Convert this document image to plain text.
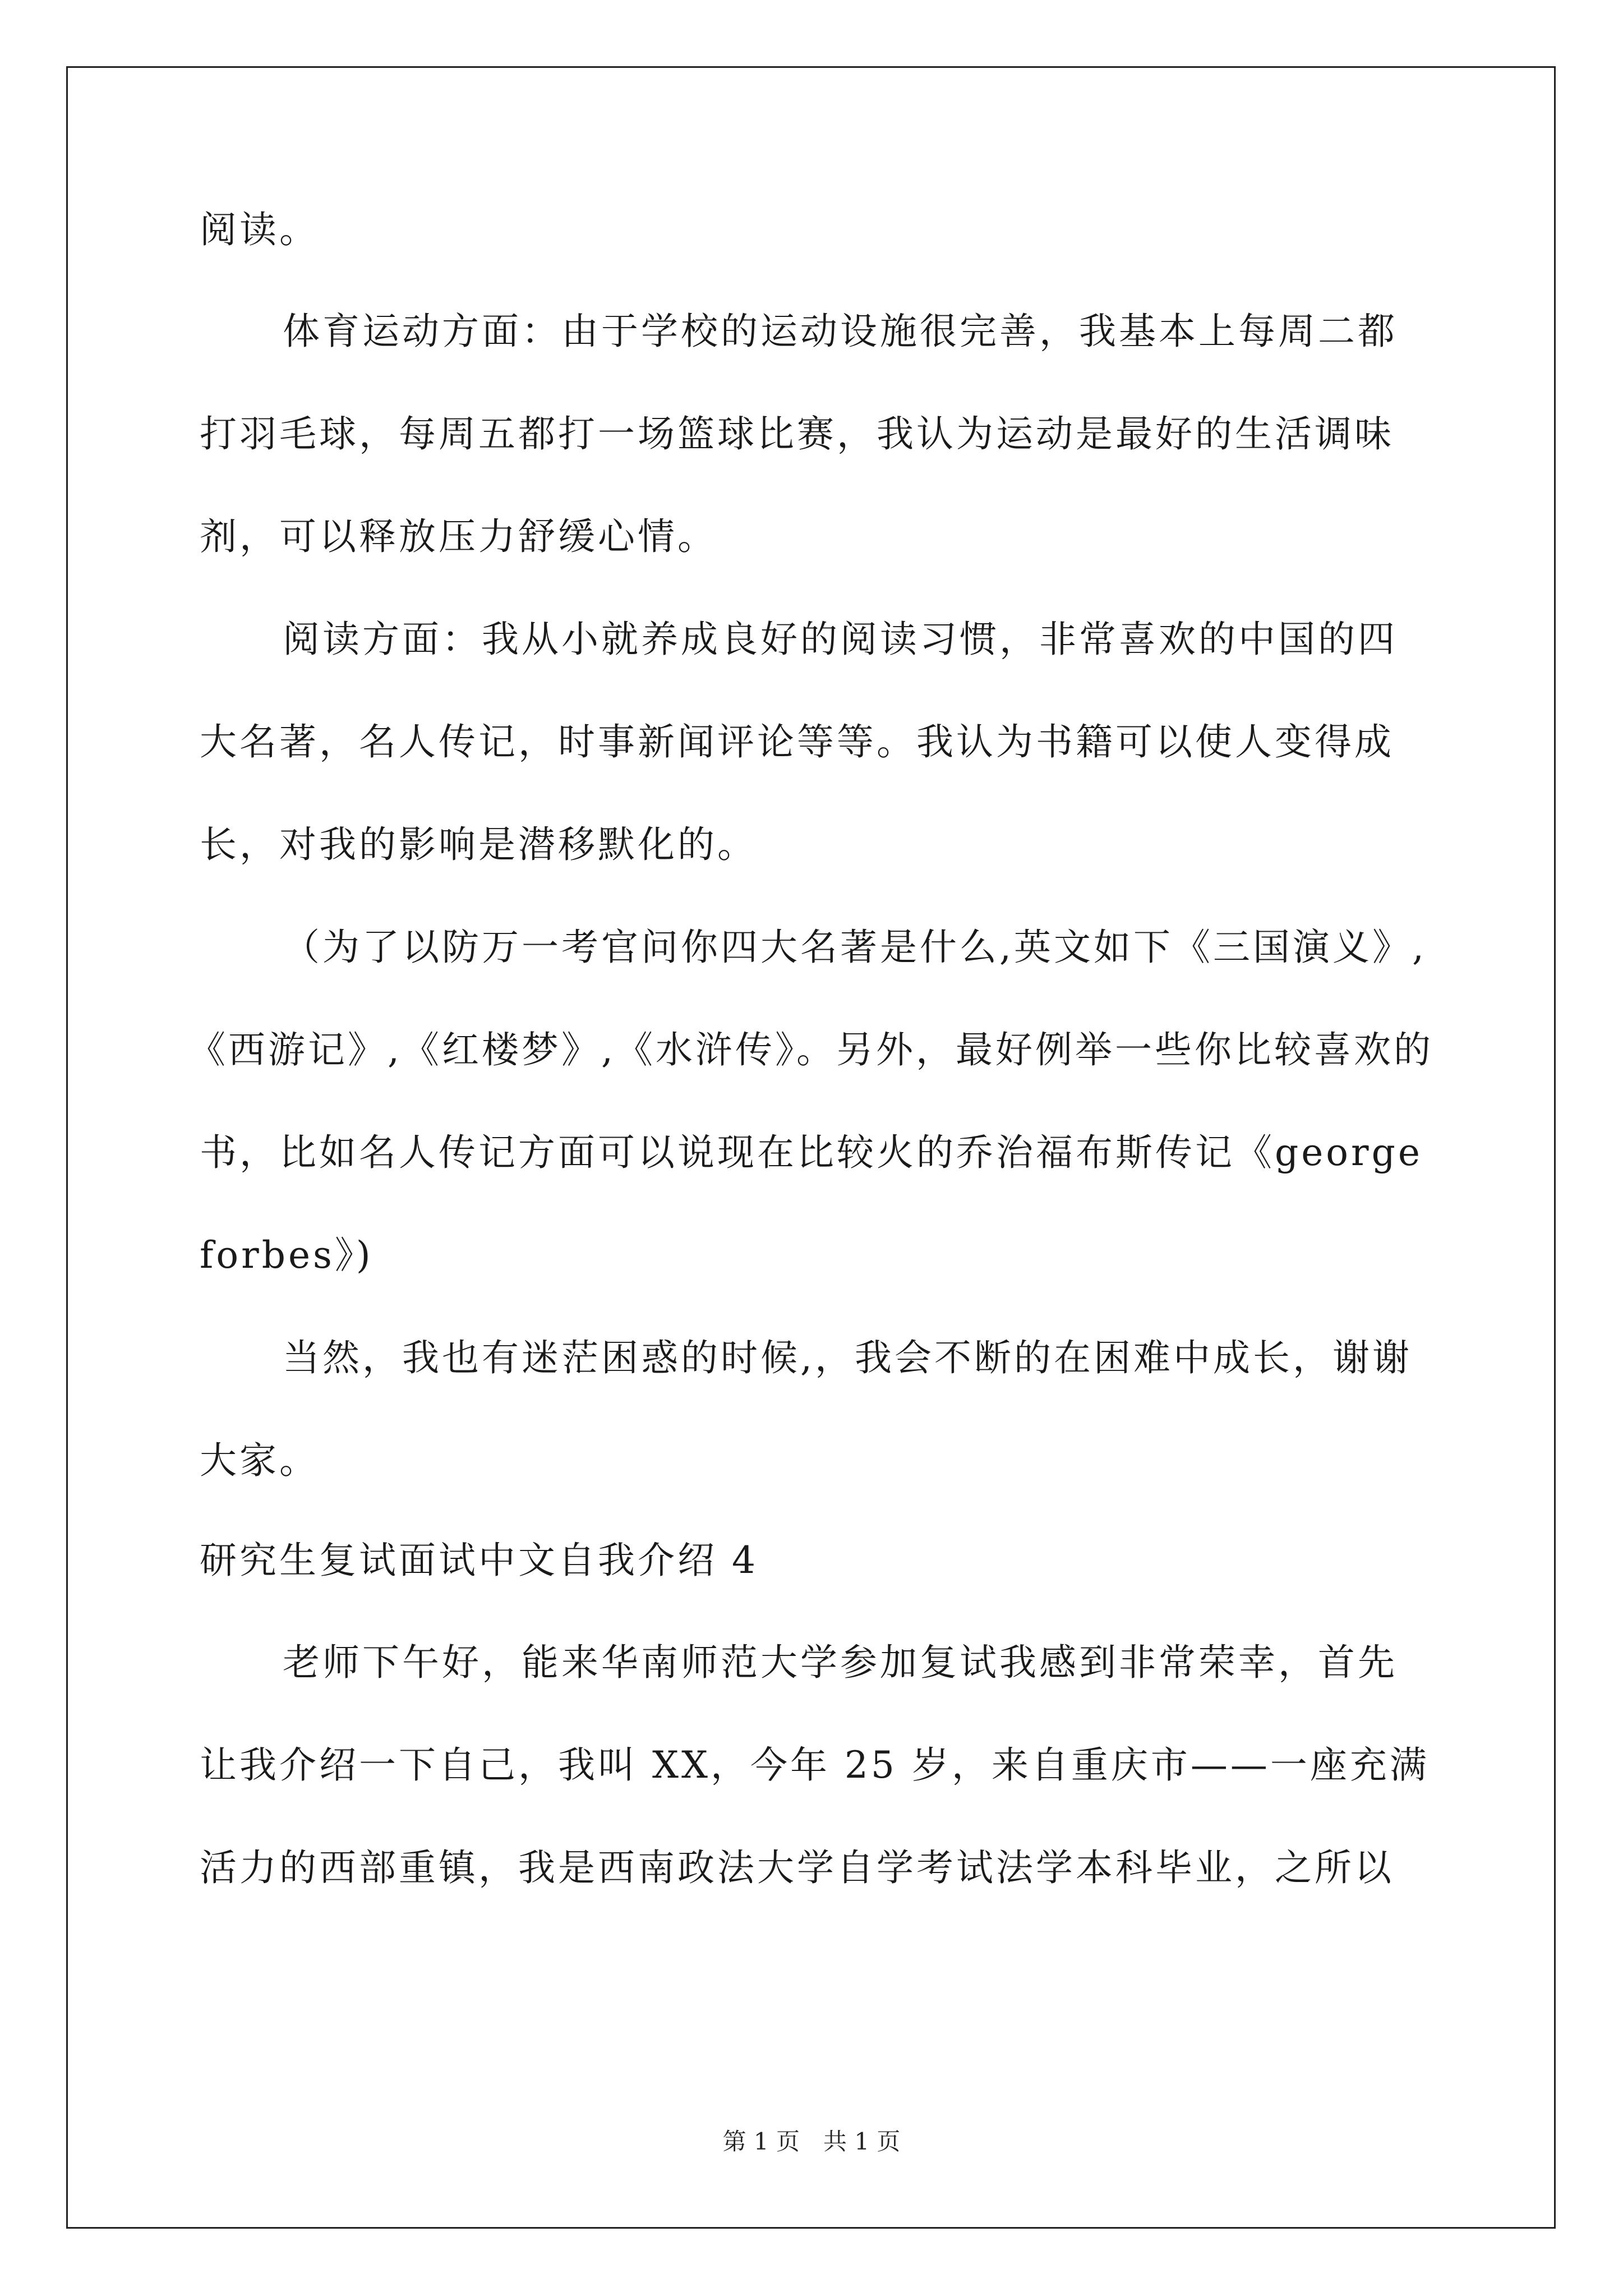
阅读。
体育运动方面：由于学校的运动设施很完善，我基本上每周二都
打羽毛球，每周五都打一场篮球比赛，我认为运动是最好的生活调味
剂，可以释放压力舒缓心情。
阅读方面：我从小就养成良好的阅读习惯，非常喜欢的中国的四
大名著，名人传记，时事新闻评论等等。我认为书籍可以使人变得成
长，对我的影响是潜移默化的。
（为了以防万一考官问你四大名著是什么,英文如下《三国演义》,
《西游记》,《红楼梦》,《水浒传》。另外，最好例举一些你比较喜欢的
书，比如名人传记方面可以说现在比较火的乔治福布斯传记《george
forbes》)
当然，我也有迷茫困惑的时候,，我会不断的在困难中成长，谢谢
大家。
研究生复试面试中文自我介绍 4
老师下午好，能来华南师范大学参加复试我感到非常荣幸，首先
让我介绍一下自己，我叫 XX，今年 25 岁，来自重庆市——一座充满
活力的西部重镇，我是西南政法大学自学考试法学本科毕业，之所以
第 1 页　共 1 页
